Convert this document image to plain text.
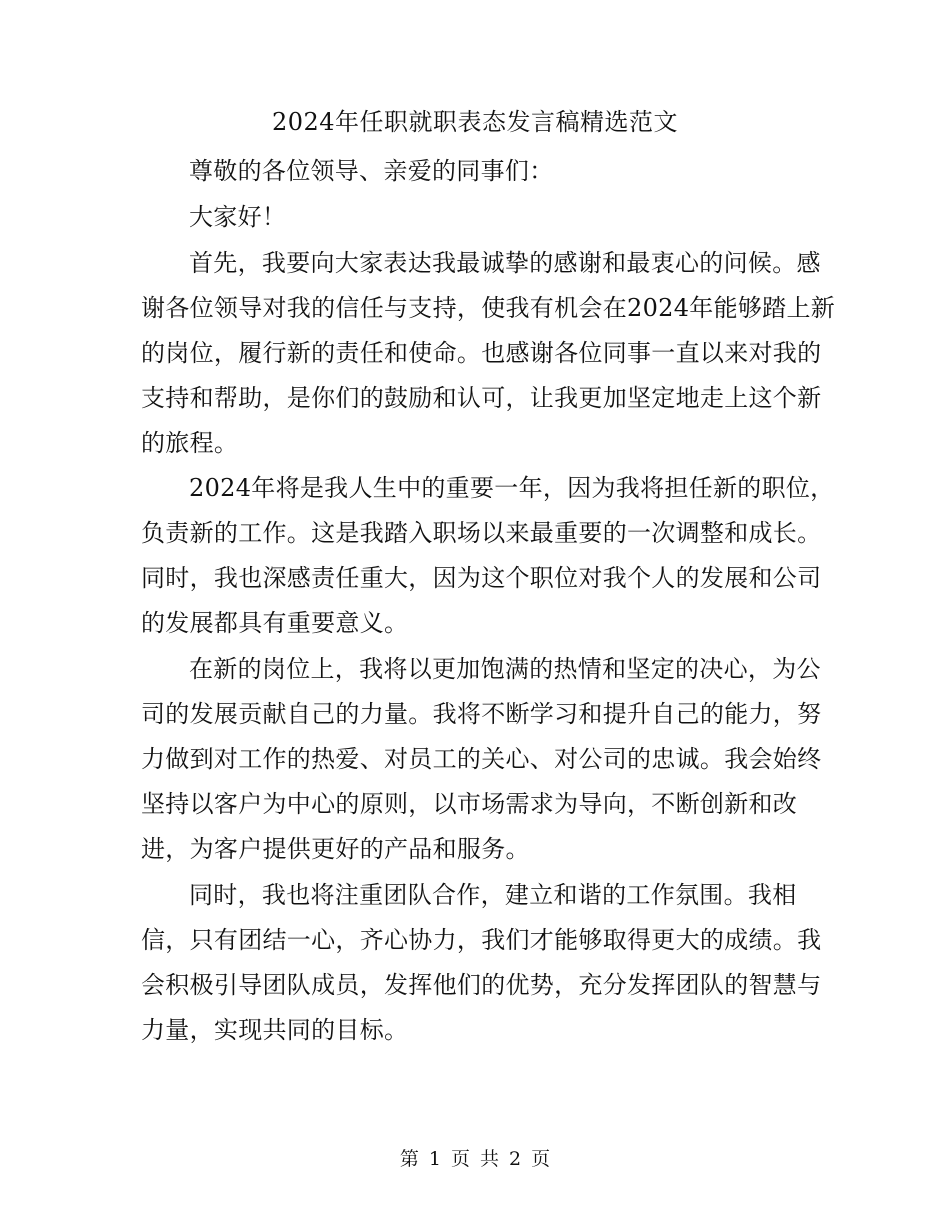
2024年任职就职表态发言稿精选范文
尊敬的各位领导、亲爱的同事们：
大家好！
首先，我要向大家表达我最诚挚的感谢和最衷心的问候。感
谢各位领导对我的信任与支持，使我有机会在2024年能够踏上新
的岗位，履行新的责任和使命。也感谢各位同事一直以来对我的
支持和帮助，是你们的鼓励和认可，让我更加坚定地走上这个新
的旅程。
2024年将是我人生中的重要一年，因为我将担任新的职位，
负责新的工作。这是我踏入职场以来最重要的一次调整和成长。
同时，我也深感责任重大，因为这个职位对我个人的发展和公司
的发展都具有重要意义。
在新的岗位上，我将以更加饱满的热情和坚定的决心，为公
司的发展贡献自己的力量。我将不断学习和提升自己的能力，努
力做到对工作的热爱、对员工的关心、对公司的忠诚。我会始终
坚持以客户为中心的原则，以市场需求为导向，不断创新和改
进，为客户提供更好的产品和服务。
同时，我也将注重团队合作，建立和谐的工作氛围。我相
信，只有团结一心，齐心协力，我们才能够取得更大的成绩。我
会积极引导团队成员，发挥他们的优势，充分发挥团队的智慧与
力量，实现共同的目标。
第 1 页 共 2 页
